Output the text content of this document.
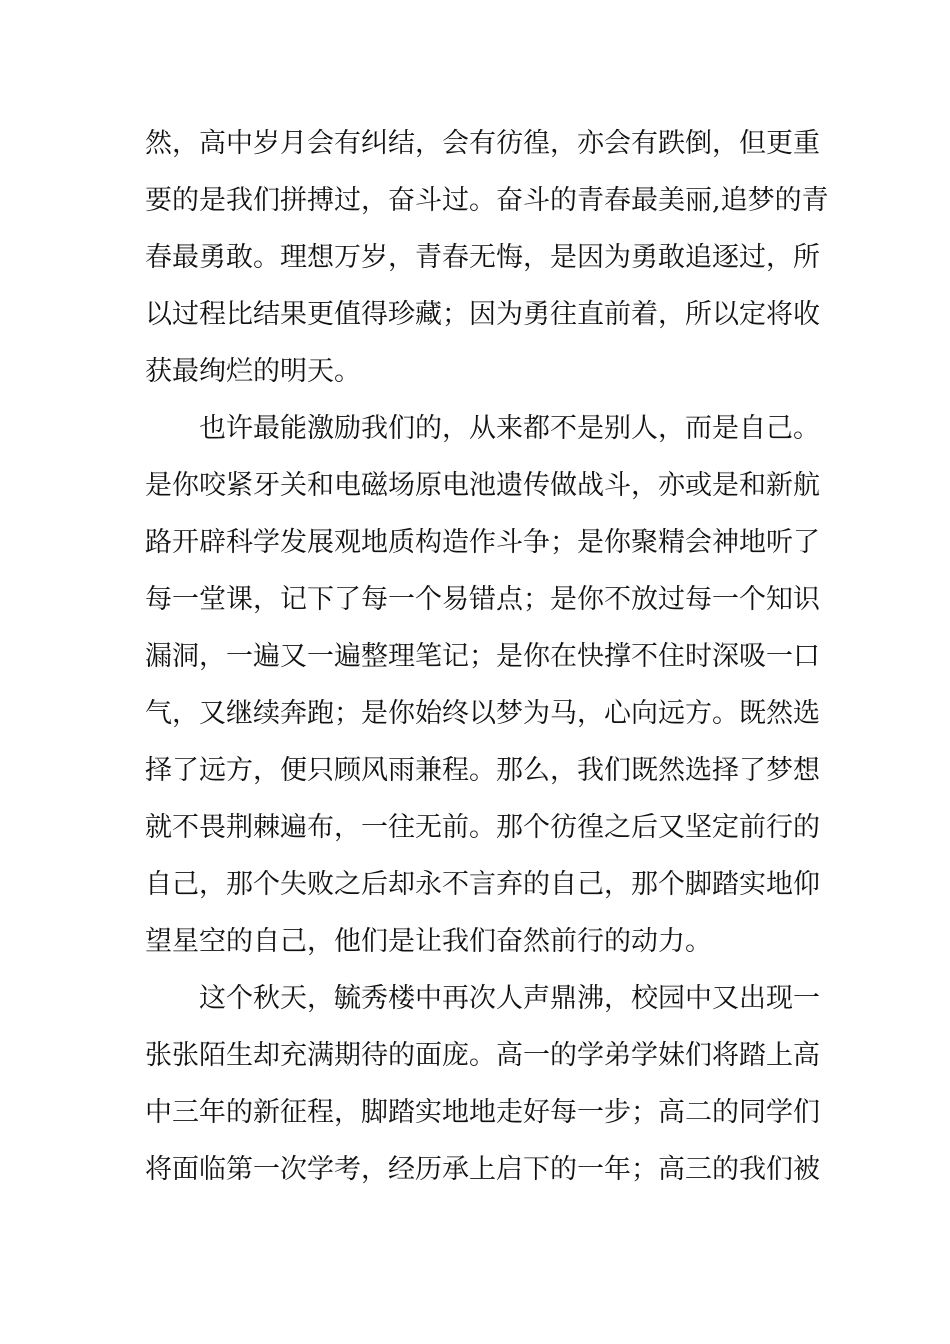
然，高中岁月会有纠结，会有彷徨，亦会有跌倒，但更重
要的是我们拼搏过，奋斗过。奋斗的青春最美丽,追梦的青
春最勇敢。理想万岁，青春无悔，是因为勇敢追逐过，所
以过程比结果更值得珍藏；因为勇往直前着，所以定将收
获最绚烂的明天。
也许最能激励我们的，从来都不是别人，而是自己。
是你咬紧牙关和电磁场原电池遗传做战斗，亦或是和新航
路开辟科学发展观地质构造作斗争；是你聚精会神地听了
每一堂课，记下了每一个易错点；是你不放过每一个知识
漏洞，一遍又一遍整理笔记；是你在快撑不住时深吸一口
气，又继续奔跑；是你始终以梦为马，心向远方。既然选
择了远方，便只顾风雨兼程。那么，我们既然选择了梦想
就不畏荆棘遍布，一往无前。那个彷徨之后又坚定前行的
自己，那个失败之后却永不言弃的自己，那个脚踏实地仰
望星空的自己，他们是让我们奋然前行的动力。
这个秋天，毓秀楼中再次人声鼎沸，校园中又出现一
张张陌生却充满期待的面庞。高一的学弟学妹们将踏上高
中三年的新征程，脚踏实地地走好每一步；高二的同学们
将面临第一次学考，经历承上启下的一年；高三的我们被
